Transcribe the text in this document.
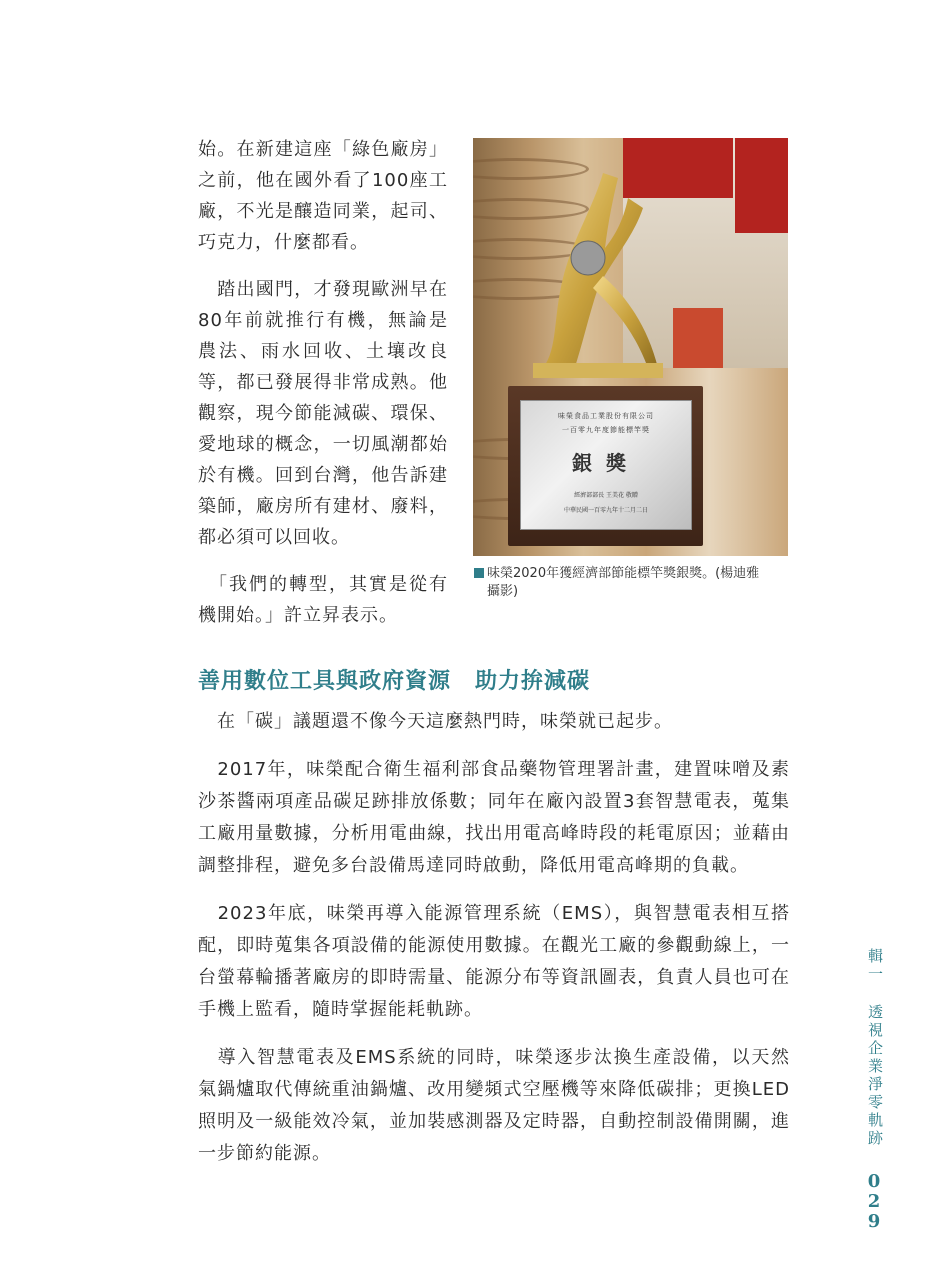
始。在新建這座「綠色廠房」之前，他在國外看了100座工廠，不光是釀造同業，起司、巧克力，什麼都看。

　踏出國門，才發現歐洲早在80年前就推行有機，無論是農法、雨水回收、土壤改良等，都已發展得非常成熟。他觀察，現今節能減碳、環保、愛地球的概念，一切風潮都始於有機。回到台灣，他告訴建築師，廠房所有建材、廢料，都必須可以回收。

　「我們的轉型，其實是從有機開始。」許立昇表示。

味榮食品工業股份有限公司
一百零九年度節能標竿獎
銀獎
經濟部部長 王美花 敬贈
中華民國一百零九年十二月二日
味榮2020年獲經濟部節能標竿獎銀獎。(楊迪雅
攝影)
善用數位工具與政府資源 助力拚減碳

　在「碳」議題還不像今天這麼熱門時，味榮就已起步。

　2017年，味榮配合衛生福利部食品藥物管理署計畫，建置味噌及素沙茶醬兩項產品碳足跡排放係數；同年在廠內設置3套智慧電表，蒐集工廠用量數據，分析用電曲線，找出用電高峰時段的耗電原因；並藉由調整排程，避免多台設備馬達同時啟動，降低用電高峰期的負載。

　2023年底，味榮再導入能源管理系統（EMS），與智慧電表相互搭配，即時蒐集各項設備的能源使用數據。在觀光工廠的參觀動線上，一台螢幕輪播著廠房的即時需量、能源分布等資訊圖表，負責人員也可在手機上監看，隨時掌握能耗軌跡。

　導入智慧電表及EMS系統的同時，味榮逐步汰換生產設備，以天然氣鍋爐取代傳統重油鍋爐、改用變頻式空壓機等來降低碳排；更換LED照明及一級能效冷氣，並加裝感測器及定時器，自動控制設備開關，進一步節約能源。

輯一透視企業淨零軌跡
0
2
9
